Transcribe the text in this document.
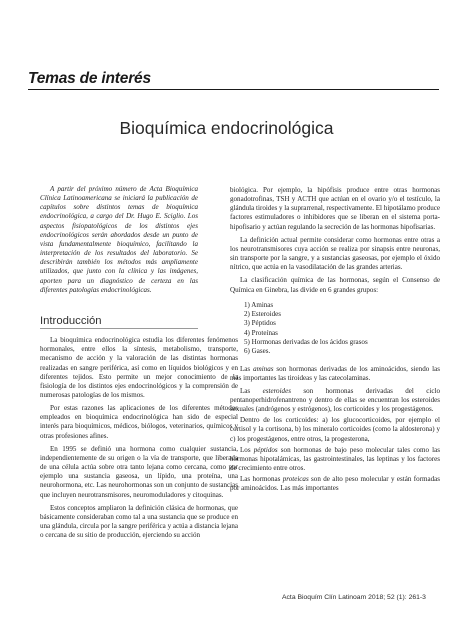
Temas de interés
Bioquímica endocrinológica

A partir del próximo número de Acta Bioquímica Clínica Latinoamericana se iniciará la publicación de capítulos sobre distintos temas de bioquímica endocrinológica, a cargo del Dr. Hugo E. Sciglio. Los aspectos fisiopatológicos de los distintos ejes endocrinológicos serán abordados desde un punto de vista fundamentalmente bioquímico, facilitando la interpretación de los resultados del laboratorio. Se describirán también los métodos más ampliamente utilizados, que junto con la clínica y las imágenes, aporten para un diagnóstico de certeza en las diferentes patologías endocrinológicas.

Introducción

La bioquímica endocrinológica estudia los diferentes fenómenos hormonales, entre ellos la síntesis, metabolismo, transporte, mecanismo de acción y la valoración de las distintas hormonas realizadas en sangre periférica, así como en líquidos biológicos y en diferentes tejidos. Esto permite un mejor conocimiento de la fisiología de los distintos ejes endocrinológicos y la comprensión de numerosas patologías de los mismos.

Por estas razones las aplicaciones de los diferentes métodos empleados en bioquímica endocrinológica han sido de especial interés para bioquímicos, médicos, biólogos, veterinarios, químicos y otras profesiones afines.

En 1995 se definió una hormona como cualquier sustancia, independientemente de su origen o la vía de transporte, que liberada de una célula actúa sobre otra tanto lejana como cercana, como por ejemplo una sustancia gaseosa, un lípido, una proteína, una neurohormona, etc. Las neurohormonas son un conjunto de sustancias que incluyen neurotransmisores, neuromoduladores y citoquinas.

Estos conceptos ampliaron la definición clásica de hormonas, que básicamente consideraban como tal a una sustancia que se produce en una glándula, circula por la sangre periférica y actúa a distancia lejana o cercana de su sitio de producción, ejerciendo su acción

biológica. Por ejemplo, la hipófisis produce entre otras hormonas gonadotrofinas, TSH y ACTH que actúan en el ovario y/o el testículo, la glándula tiroides y la suprarrenal, respectivamente. El hipotálamo produce factores estimuladores o inhibidores que se liberan en el sistema porta-hipofisario y actúan regulando la secreción de las hormonas hipofisarias.

La definición actual permite considerar como hormonas entre otras a los neurotransmisores cuya acción se realiza por sinapsis entre neuronas, sin transporte por la sangre, y a sustancias gaseosas, por ejemplo el óxido nítrico, que actúa en la vasodilatación de las grandes arterias.

La clasificación química de las hormonas, según el Consenso de Química en Ginebra, las divide en 6 grandes grupos:

1) Aminas
2) Esteroides
3) Péptidos
4) Proteínas
5) Hormonas derivadas de los ácidos grasos
6) Gases.

Las aminas son hormonas derivadas de los aminoácidos, siendo las más importantes las tiroideas y las catecolaminas.

Las esteroides son hormonas derivadas del ciclo pentanoperhidrofenantreno y dentro de ellas se encuentran los esteroides sexuales (andrógenos y estrógenos), los corticoides y los progestágenos.

Dentro de los corticoides: a) los glucocorticoides, por ejemplo el cortisol y la cortisona, b) los mineralo corticoides (como la aldosterona) y c) los progestágenos, entre otros, la progesterona,

Los péptidos son hormonas de bajo peso molecular tales como las hormonas hipotalámicas, las gastrointestinales, las leptinas y los factores de crecimiento entre otros.

Las hormonas proteicas son de alto peso molecular y están formadas por aminoácidos. Las más importantes

Acta Bioquím Clín Latinoam 2018; 52 (1): 261-3
